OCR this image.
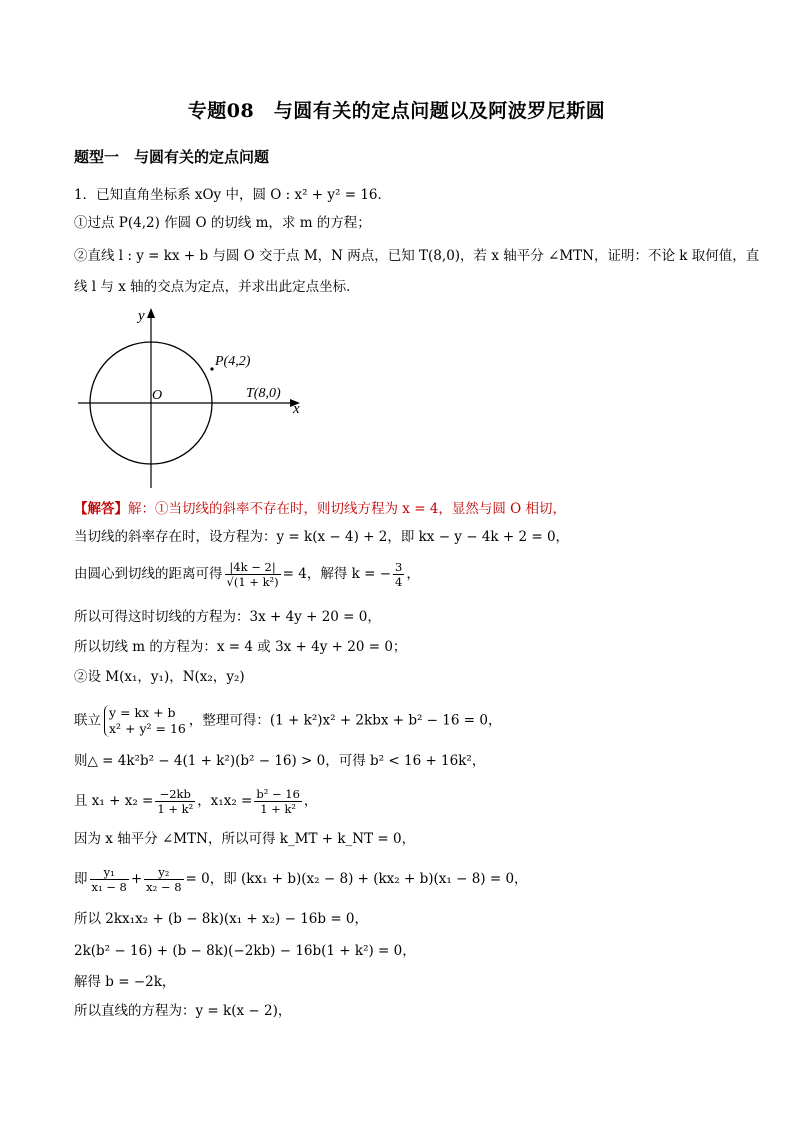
专题08　与圆有关的定点问题以及阿波罗尼斯圆
题型一　与圆有关的定点问题
1．已知直角坐标系 xOy 中，圆 O : x² + y² = 16．
①过点 P(4,2) 作圆 O 的切线 m，求 m 的方程；
②直线 l : y = kx + b 与圆 O 交于点 M，N 两点，已知 T(8,0)，若 x 轴平分 ∠MTN，证明：不论 k 取何值，直
线 l 与 x 轴的交点为定点，并求出此定点坐标．
y
x
O
P(4,2)
T(8,0)
【解答】解：①当切线的斜率不存在时，则切线方程为 x = 4，显然与圆 O 相切，
当切线的斜率存在时，设方程为：y = k(x − 4) + 2，即 kx − y − 4k + 2 = 0，
由圆心到切线的距离可得 $\frac{|4k - 2|}{\text{√(1 + k²)}} = 4$，解得 k = − $\frac{3}{4}$ ，
所以可得这时切线的方程为：3x + 4y + 20 = 0，
所以切线 m 的方程为：x = 4 或 3x + 4y + 20 = 0；
②设 M(x₁，y₁)，N(x₂，y₂)
联立 y = kx + b
x² + y² = 16 ，整理可得：(1 + k²)x² + 2kbx + b² − 16 = 0，
则△ = 4k²b² − 4(1 + k²)(b² − 16) > 0，可得 b² < 16 + 16k²，
且 $x_1 + x_2 = \frac{-2kb}{\text{1 + k²}}$ ，$x_1x_2 = \frac{\text{b² − 16}}{\text{1 + k²}}$ ，
因为 x 轴平分 ∠MTN，所以可得 k_MT + k_NT = 0，
即 $\frac{\text{y₁}}{\text{x₁ − 8}} + \frac{\text{y₂}}{\text{x₂ − 8}} = 0$，即 (kx₁ + b)(x₂ − 8) + (kx₂ + b)(x₁ − 8) = 0，
所以 2kx₁x₂ + (b − 8k)(x₁ + x₂) − 16b = 0，
2k(b² − 16) + (b − 8k)(−2kb) − 16b(1 + k²) = 0，
解得 b = −2k，
所以直线的方程为：y = k(x − 2)，
